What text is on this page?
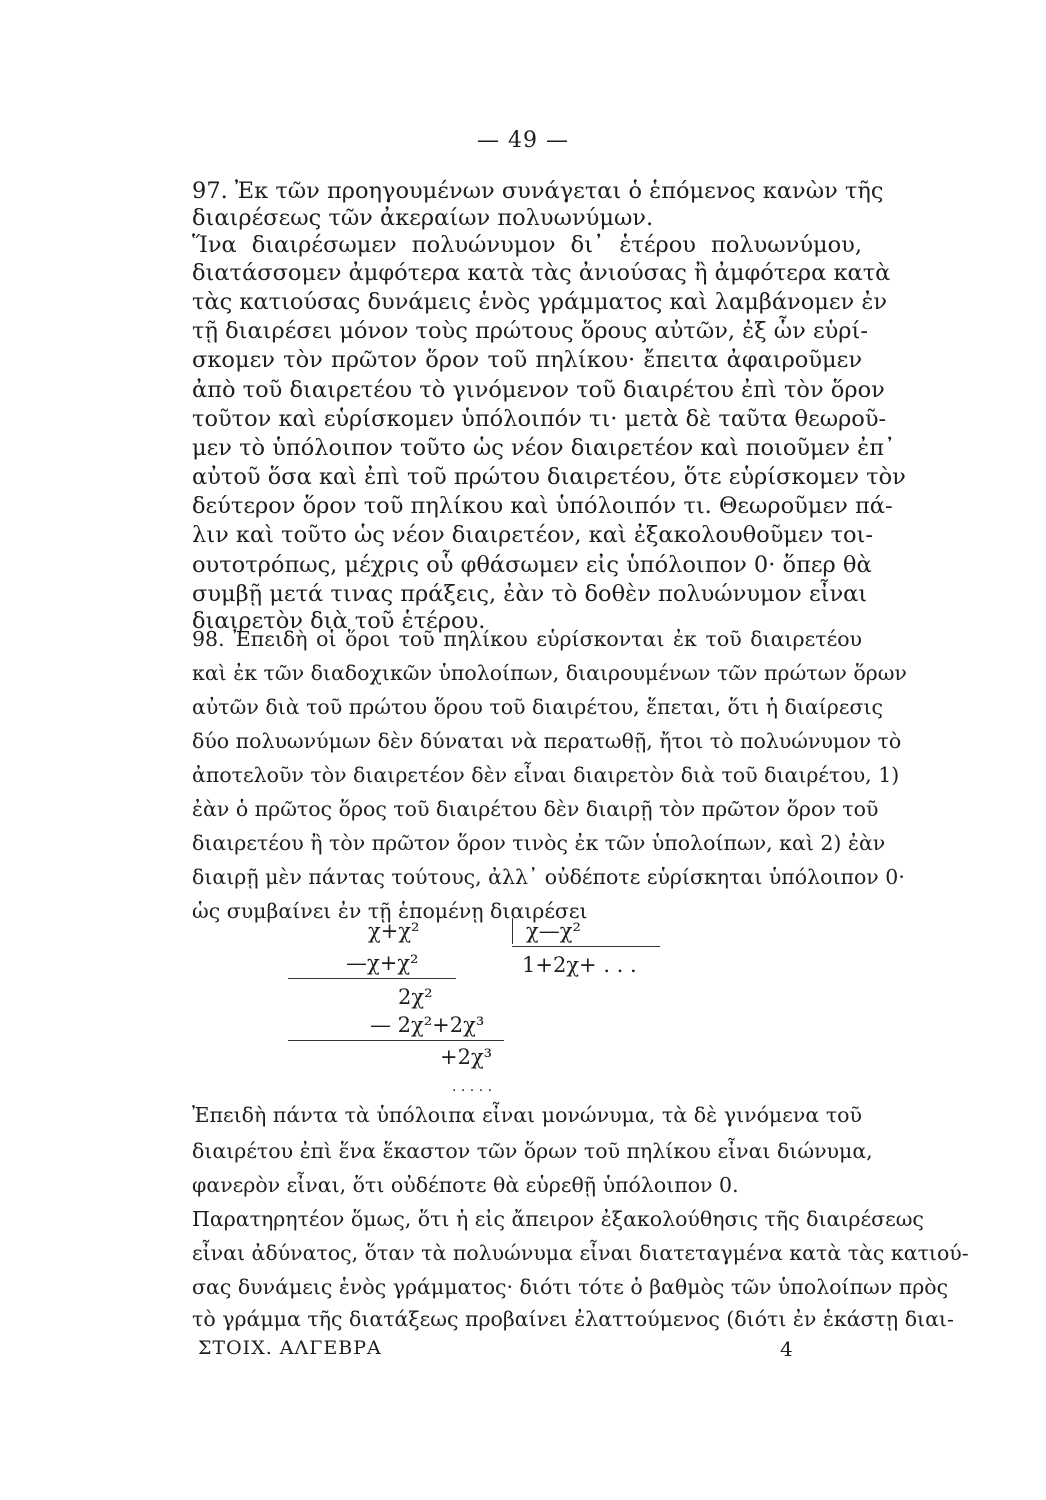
— 49 —
97. Ἐκ τῶν προηγουμένων συνάγεται ὁ ἑπόμενος κανὼν τῆς
διαιρέσεως τῶν ἀκεραίων πολυωνύμων.
Ἵνα διαιρέσωμεν πολυώνυμον δι᾿ ἑτέρου πολυωνύμου,
διατάσσομεν ἀμφότερα κατὰ τὰς ἀνιούσας ἢ ἀμφότερα κατὰ
τὰς κατιούσας δυνάμεις ἑνὸς γράμματος καὶ λαμβάνομεν ἐν
τῇ διαιρέσει μόνον τοὺς πρώτους ὅρους αὐτῶν, ἐξ ὧν εὑρί-
σκομεν τὸν πρῶτον ὅρον τοῦ πηλίκου· ἔπειτα ἀφαιροῦμεν
ἀπὸ τοῦ διαιρετέου τὸ γινόμενον τοῦ διαιρέτου ἐπὶ τὸν ὅρον
τοῦτον καὶ εὑρίσκομεν ὑπόλοιπόν τι· μετὰ δὲ ταῦτα θεωροῦ-
μεν τὸ ὑπόλοιπον τοῦτο ὡς νέον διαιρετέον καὶ ποιοῦμεν ἐπ᾿
αὐτοῦ ὅσα καὶ ἐπὶ τοῦ πρώτου διαιρετέου, ὅτε εὑρίσκομεν τὸν
δεύτερον ὅρον τοῦ πηλίκου καὶ ὑπόλοιπόν τι. Θεωροῦμεν πά-
λιν καὶ τοῦτο ὡς νέον διαιρετέον, καὶ ἐξακολουθοῦμεν τοι-
ουτοτρόπως, μέχρις οὗ φθάσωμεν εἰς ὑπόλοιπον 0· ὅπερ θὰ
συμβῇ μετά τινας πράξεις, ἐὰν τὸ δοθὲν πολυώνυμον εἶναι
διαιρετὸν διὰ τοῦ ἑτέρου.
98. Ἐπειδὴ οἱ ὅροι τοῦ πηλίκου εὑρίσκονται ἐκ τοῦ διαιρετέου
καὶ ἐκ τῶν διαδοχικῶν ὑπολοίπων, διαιρουμένων τῶν πρώτων ὅρων
αὐτῶν διὰ τοῦ πρώτου ὅρου τοῦ διαιρέτου, ἕπεται, ὅτι ἡ διαίρεσις
δύο πολυωνύμων δὲν δύναται νὰ περατωθῇ, ἤτοι τὸ πολυώνυμον τὸ
ἀποτελοῦν τὸν διαιρετέον δὲν εἶναι διαιρετὸν διὰ τοῦ διαιρέτου, 1)
ἐὰν ὁ πρῶτος ὅρος τοῦ διαιρέτου δὲν διαιρῇ τὸν πρῶτον ὅρον τοῦ
διαιρετέου ἢ τὸν πρῶτον ὅρον τινὸς ἐκ τῶν ὑπολοίπων, καὶ 2) ἐὰν
διαιρῇ μὲν πάντας τούτους, ἀλλ᾿ οὐδέποτε εὑρίσκηται ὑπόλοιπον 0·
ὡς συμβαίνει ἐν τῇ ἑπομένῃ διαιρέσει
χ+χ²	χ—χ²
—χ+χ²	1+2χ+ . . .
2χ²
— 2χ²+2χ³
+2χ³
. . . . .
Ἐπειδὴ πάντα τὰ ὑπόλοιπα εἶναι μονώνυμα, τὰ δὲ γινόμενα τοῦ
διαιρέτου ἐπὶ ἕνα ἕκαστον τῶν ὅρων τοῦ πηλίκου εἶναι διώνυμα,
φανερὸν εἶναι, ὅτι οὐδέποτε θὰ εὑρεθῇ ὑπόλοιπον 0.
Παρατηρητέον ὅμως, ὅτι ἡ εἰς ἄπειρον ἐξακολούθησις τῆς διαιρέσεως
εἶναι ἀδύνατος, ὅταν τὰ πολυώνυμα εἶναι διατεταγμένα κατὰ τὰς κατιού-
σας δυνάμεις ἑνὸς γράμματος· διότι τότε ὁ βαθμὸς τῶν ὑπολοίπων πρὸς
τὸ γράμμα τῆς διατάξεως προβαίνει ἐλαττούμενος (διότι ἐν ἑκάστῃ διαι-
ΣΤΟΙΧ. ΑΛΓΕΒΡΑ	4
